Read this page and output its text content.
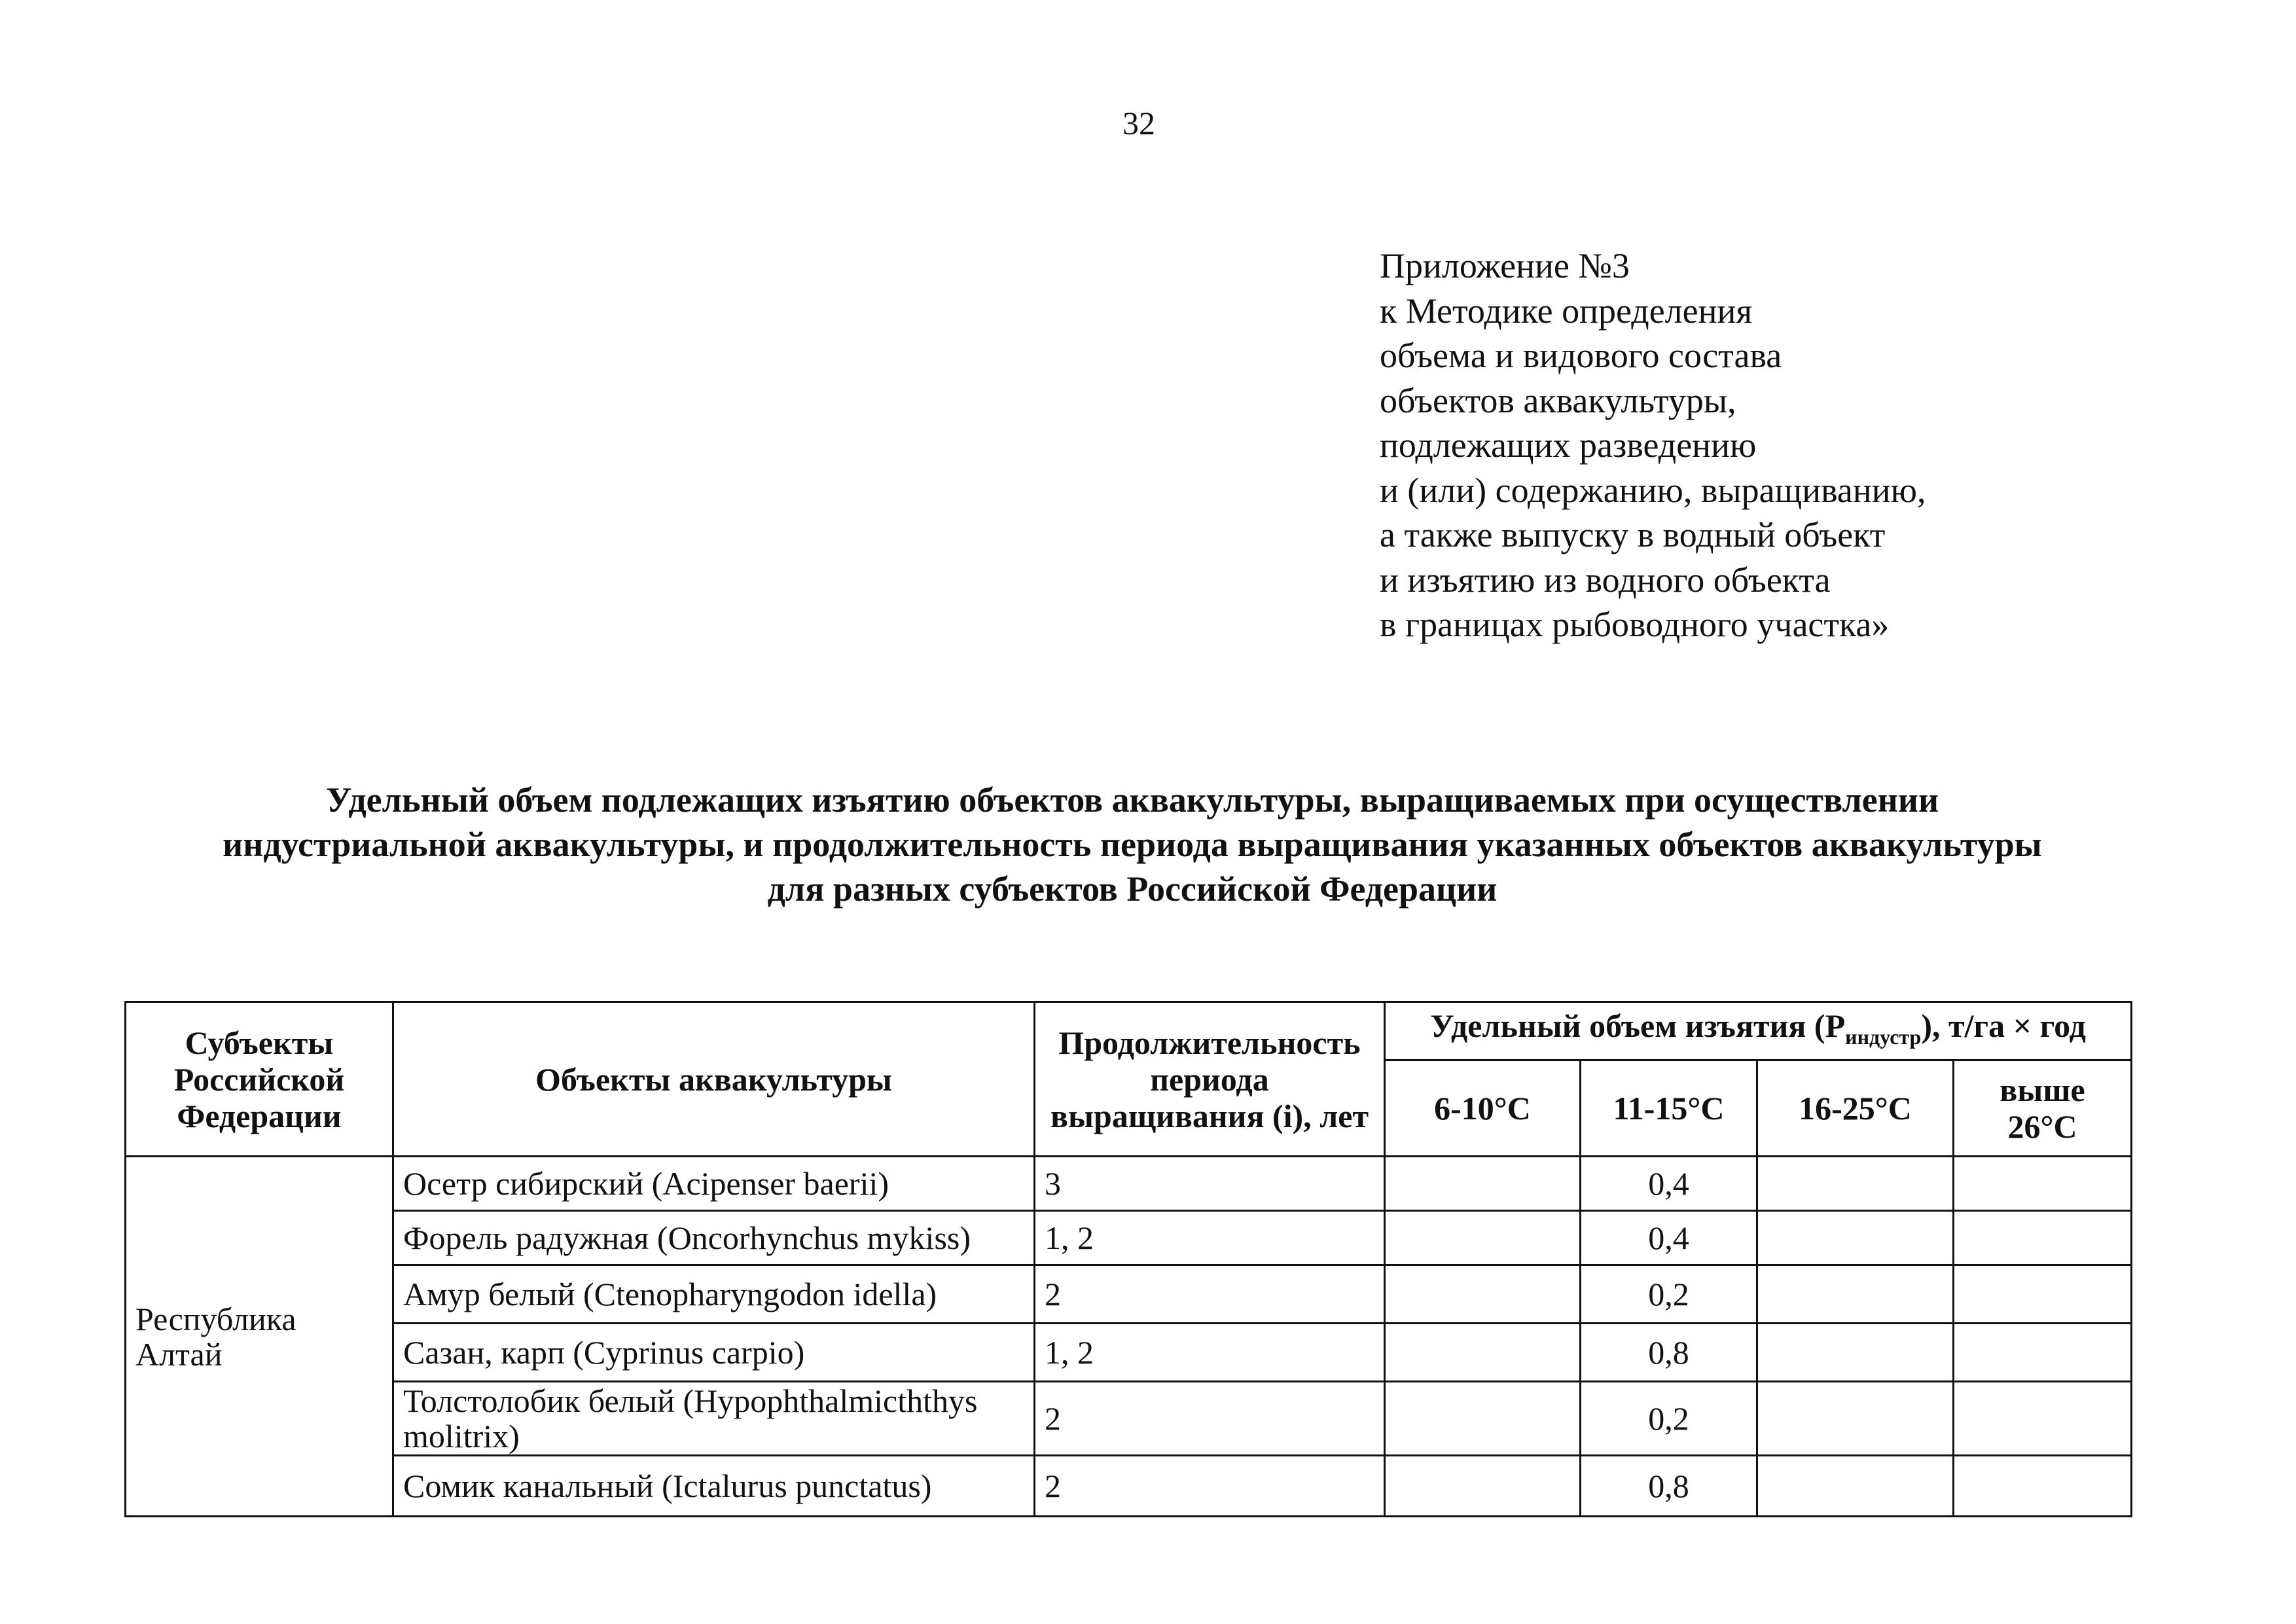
32
Приложение №3
к Методике определения
объема и видового состава
объектов аквакультуры,
подлежащих разведению
и (или) содержанию, выращиванию,
а также выпуску в водный объект
и изъятию из водного объекта
в границах рыбоводного участка»
Удельный объем подлежащих изъятию объектов аквакультуры, выращиваемых при осуществлении
индустриальной аквакультуры, и продолжительность периода выращивания указанных объектов аквакультуры
для разных субъектов Российской Федерации
Субъекты Российской Федерации	Объекты аквакультуры	Продолжительность периода выращивания (i), лет	Удельный объем изъятия $(P_{индустр})$, т/га × год			
			6-10°С	11-15°С	16-25°С	выше 26°С
Республика Алтай	Осетр сибирский (Acipenser baerii)	3		0,4		
	Форель радужная (Oncorhynchus mykiss)	1, 2		0,4		
	Амур белый (Ctenopharyngodon idella)	2		0,2		
	Сазан, карп (Cyprinus carpio)	1, 2		0,8		
	Толстолобик белый (Hypophthalmicththys molitrix)	2		0,2		
	Сомик канальный (Ictalurus punctatus)	2		0,8		
